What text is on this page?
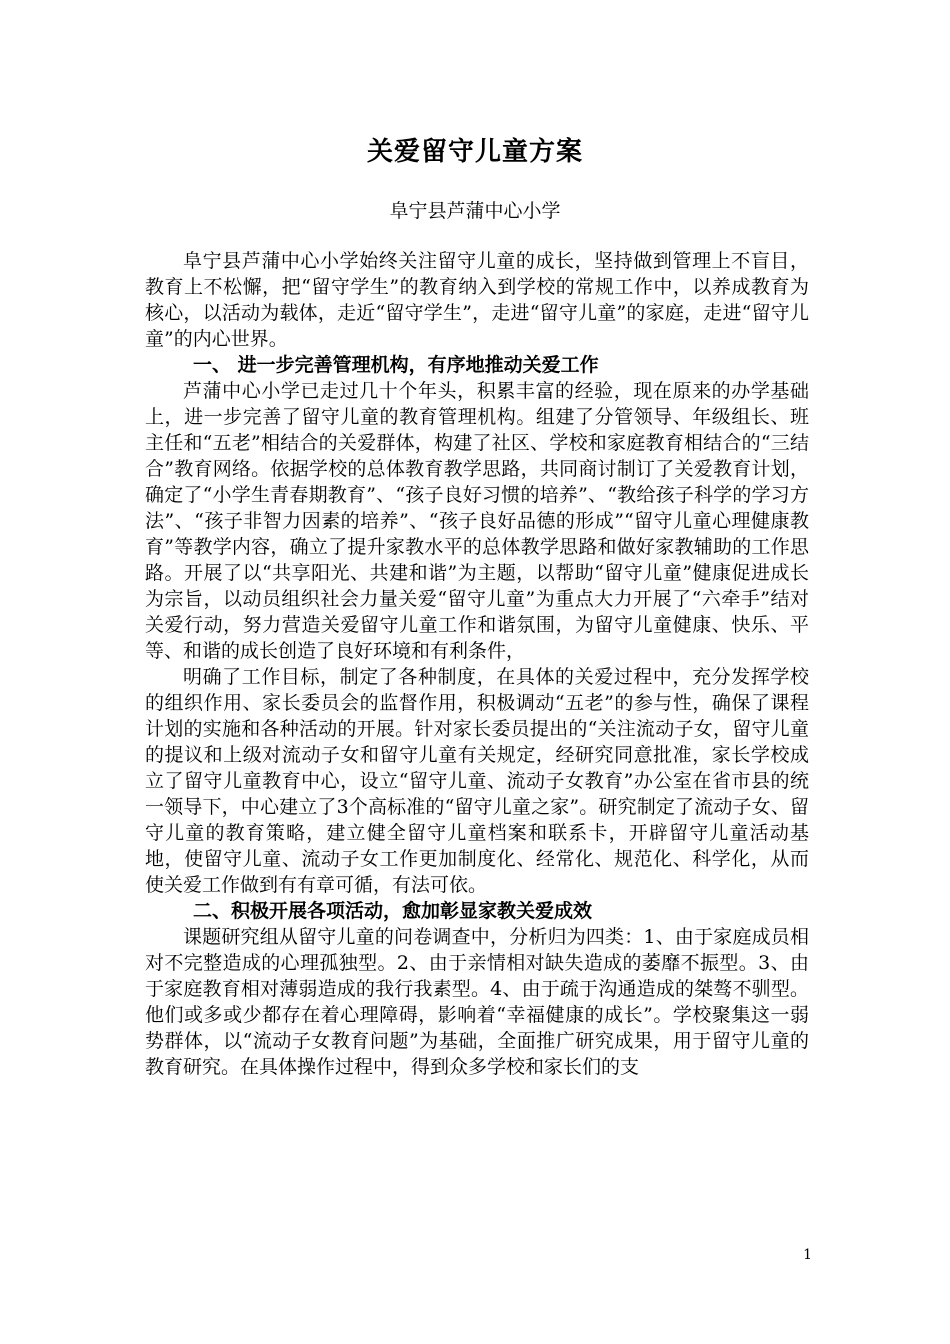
关爱留守儿童方案
阜宁县芦蒲中心小学

阜宁县芦蒲中心小学始终关注留守儿童的成长，坚持做到管理上不盲目，教育上不松懈，把“留守学生”的教育纳入到学校的常规工作中，以养成教育为核心，以活动为载体，走近“留守学生”，走进“留守儿童”的家庭，走进“留守儿童”的内心世界。

一、 进一步完善管理机构，有序地推动关爱工作

芦蒲中心小学已走过几十个年头，积累丰富的经验，现在原来的办学基础上，进一步完善了留守儿童的教育管理机构。组建了分管领导、年级组长、班主任和“五老”相结合的关爱群体，构建了社区、学校和家庭教育相结合的“三结合”教育网络。依据学校的总体教育教学思路，共同商讨制订了关爱教育计划，确定了“小学生青春期教育”、“孩子良好习惯的培养”、“教给孩子科学的学习方法”、“孩子非智力因素的培养”、“孩子良好品德的形成”“留守儿童心理健康教育”等教学内容，确立了提升家教水平的总体教学思路和做好家教辅助的工作思路。开展了以“共享阳光、共建和谐”为主题，以帮助“留守儿童”健康促进成长为宗旨，以动员组织社会力量关爱“留守儿童”为重点大力开展了“六牵手”结对关爱行动，努力营造关爱留守儿童工作和谐氛围，为留守儿童健康、快乐、平等、和谐的成长创造了良好环境和有利条件，

明确了工作目标，制定了各种制度，在具体的关爱过程中，充分发挥学校的组织作用、家长委员会的监督作用，积极调动“五老”的参与性，确保了课程计划的实施和各种活动的开展。针对家长委员提出的“关注流动子女，留守儿童的提议和上级对流动子女和留守儿童有关规定，经研究同意批准，家长学校成立了留守儿童教育中心，设立“留守儿童、流动子女教育”办公室在省市县的统一领导下，中心建立了3个高标准的“留守儿童之家”。研究制定了流动子女、留守儿童的教育策略，建立健全留守儿童档案和联系卡，开辟留守儿童活动基地，使留守儿童、流动子女工作更加制度化、经常化、规范化、科学化，从而使关爱工作做到有有章可循，有法可依。

二、积极开展各项活动，愈加彰显家教关爱成效

课题研究组从留守儿童的问卷调查中，分析归为四类：1、由于家庭成员相对不完整造成的心理孤独型。2、由于亲情相对缺失造成的萎靡不振型。3、由于家庭教育相对薄弱造成的我行我素型。4、由于疏于沟通造成的桀骜不驯型。他们或多或少都存在着心理障碍，影响着“幸福健康的成长”。学校聚集这一弱势群体，以“流动子女教育问题”为基础，全面推广研究成果，用于留守儿童的教育研究。在具体操作过程中，得到众多学校和家长们的支

1
